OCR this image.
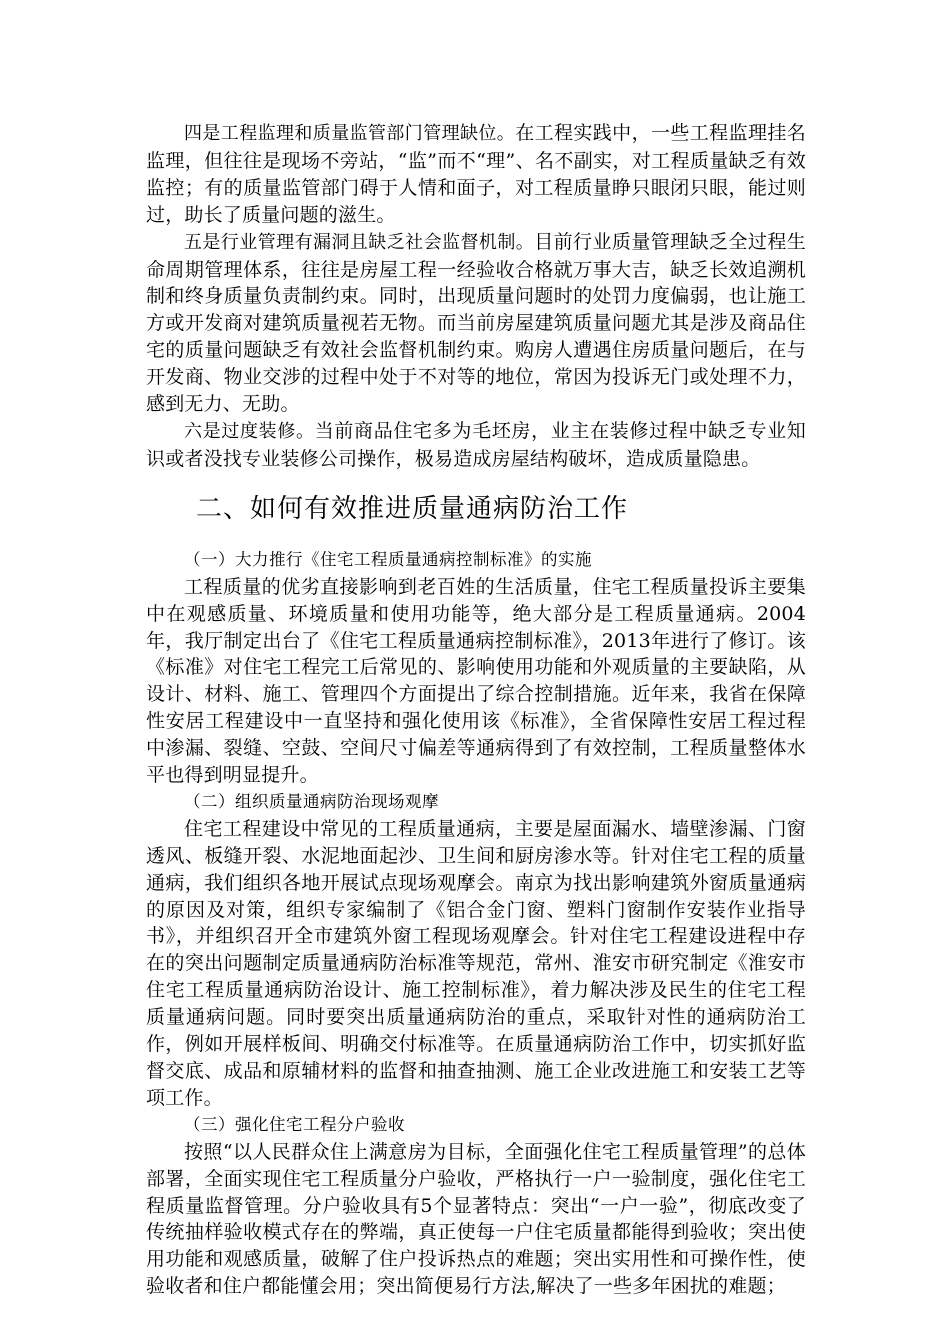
四是工程监理和质量监管部门管理缺位。在工程实践中，一些工程监理挂名监理，但往往是现场不旁站，“监”而不“理”、名不副实，对工程质量缺乏有效监控；有的质量监管部门碍于人情和面子，对工程质量睁只眼闭只眼，能过则过，助长了质量问题的滋生。

五是行业管理有漏洞且缺乏社会监督机制。目前行业质量管理缺乏全过程生命周期管理体系，往往是房屋工程一经验收合格就万事大吉，缺乏长效追溯机制和终身质量负责制约束。同时，出现质量问题时的处罚力度偏弱，也让施工方或开发商对建筑质量视若无物。而当前房屋建筑质量问题尤其是涉及商品住宅的质量问题缺乏有效社会监督机制约束。购房人遭遇住房质量问题后，在与开发商、物业交涉的过程中处于不对等的地位，常因为投诉无门或处理不力，感到无力、无助。

六是过度装修。当前商品住宅多为毛坯房，业主在装修过程中缺乏专业知识或者没找专业装修公司操作，极易造成房屋结构破坏，造成质量隐患。

二、如何有效推进质量通病防治工作

（一）大力推行《住宅工程质量通病控制标准》的实施

工程质量的优劣直接影响到老百姓的生活质量，住宅工程质量投诉主要集中在观感质量、环境质量和使用功能等，绝大部分是工程质量通病。2004年，我厅制定出台了《住宅工程质量通病控制标准》，2013年进行了修订。该《标准》对住宅工程完工后常见的、影响使用功能和外观质量的主要缺陷，从设计、材料、施工、管理四个方面提出了综合控制措施。近年来，我省在保障性安居工程建设中一直坚持和强化使用该《标准》，全省保障性安居工程过程中渗漏、裂缝、空鼓、空间尺寸偏差等通病得到了有效控制，工程质量整体水平也得到明显提升。

（二）组织质量通病防治现场观摩

住宅工程建设中常见的工程质量通病，主要是屋面漏水、墙壁渗漏、门窗透风、板缝开裂、水泥地面起沙、卫生间和厨房渗水等。针对住宅工程的质量通病，我们组织各地开展试点现场观摩会。南京为找出影响建筑外窗质量通病的原因及对策，组织专家编制了《铝合金门窗、塑料门窗制作安装作业指导书》，并组织召开全市建筑外窗工程现场观摩会。针对住宅工程建设进程中存在的突出问题制定质量通病防治标准等规范，常州、淮安市研究制定《淮安市住宅工程质量通病防治设计、施工控制标准》，着力解决涉及民生的住宅工程质量通病问题。同时要突出质量通病防治的重点，采取针对性的通病防治工作，例如开展样板间、明确交付标准等。在质量通病防治工作中，切实抓好监督交底、成品和原辅材料的监督和抽查抽测、施工企业改进施工和安装工艺等项工作。

（三）强化住宅工程分户验收

按照“以人民群众住上满意房为目标，全面强化住宅工程质量管理”的总体部署，全面实现住宅工程质量分户验收，严格执行一户一验制度，强化住宅工程质量监督管理。分户验收具有5个显著特点：突出“一户一验”，彻底改变了传统抽样验收模式存在的弊端，真正使每一户住宅质量都能得到验收；突出使用功能和观感质量，破解了住户投诉热点的难题；突出实用性和可操作性，使验收者和住户都能懂会用；突出简便易行方法,解决了一些多年困扰的难题；
